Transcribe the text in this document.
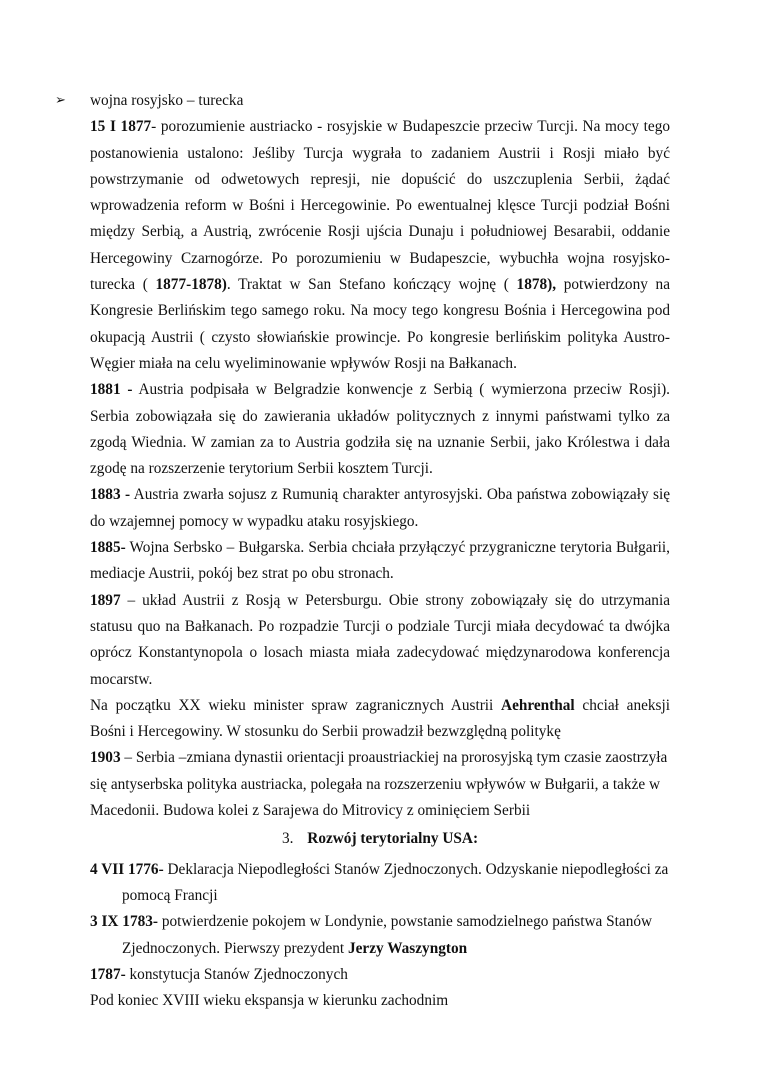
➢ wojna rosyjsko – turecka

15 I 1877- porozumienie austriacko - rosyjskie w Budapeszcie przeciw Turcji. Na mocy tego postanowienia ustalono: Jeśliby Turcja wygrała to zadaniem Austrii i Rosji miało być powstrzymanie od odwetowych represji, nie dopuścić do uszczuplenia Serbii, żądać wprowadzenia reform w Bośni i Hercegowinie. Po ewentualnej klęsce Turcji podział Bośni między Serbią, a Austrią, zwrócenie Rosji ujścia Dunaju i południowej Besarabii, oddanie Hercegowiny Czarnogórze. Po porozumieniu w Budapeszcie, wybuchła wojna rosyjsko-turecka ( 1877-1878). Traktat w San Stefano kończący wojnę ( 1878), potwierdzony na Kongresie Berlińskim tego samego roku. Na mocy tego kongresu Bośnia i Hercegowina pod okupacją Austrii ( czysto słowiańskie prowincje. Po kongresie berlińskim polityka Austro-Węgier miała na celu wyeliminowanie wpływów Rosji na Bałkanach.

1881 - Austria podpisała w Belgradzie konwencje z Serbią ( wymierzona przeciw Rosji). Serbia zobowiązała się do zawierania układów politycznych z innymi państwami tylko za zgodą Wiednia. W zamian za to Austria godziła się na uznanie Serbii, jako Królestwa i dała zgodę na rozszerzenie terytorium Serbii kosztem Turcji.

1883 - Austria zwarła sojusz z Rumunią charakter antyrosyjski. Oba państwa zobowiązały się do wzajemnej pomocy w wypadku ataku rosyjskiego.

1885- Wojna Serbsko – Bułgarska. Serbia chciała przyłączyć przygraniczne terytoria Bułgarii, mediacje Austrii, pokój bez strat po obu stronach.

1897 – układ Austrii z Rosją w Petersburgu. Obie strony zobowiązały się do utrzymania statusu quo na Bałkanach. Po rozpadzie Turcji o podziale Turcji miała decydować ta dwójka oprócz Konstantynopola o losach miasta miała zadecydować międzynarodowa konferencja mocarstw.

Na początku XX wieku minister spraw zagranicznych Austrii Aehrenthal chciał aneksji Bośni i Hercegowiny. W stosunku do Serbii prowadził bezwzględną politykę

1903 – Serbia –zmiana dynastii orientacji proaustriackiej na prorosyjską tym czasie zaostrzyła się antyserbska polityka austriacka, polegała na rozszerzeniu wpływów w Bułgarii, a także w Macedonii. Budowa kolei z Sarajewa do Mitrovicy z ominięciem Serbii

3. Rozwój terytorialny USA:

4 VII 1776- Deklaracja Niepodległości Stanów Zjednoczonych. Odzyskanie niepodległości za pomocą Francji

3 IX 1783- potwierdzenie pokojem w Londynie, powstanie samodzielnego państwa Stanów Zjednoczonych. Pierwszy prezydent Jerzy Waszyngton

1787- konstytucja Stanów Zjednoczonych

Pod koniec XVIII wieku ekspansja w kierunku zachodnim
